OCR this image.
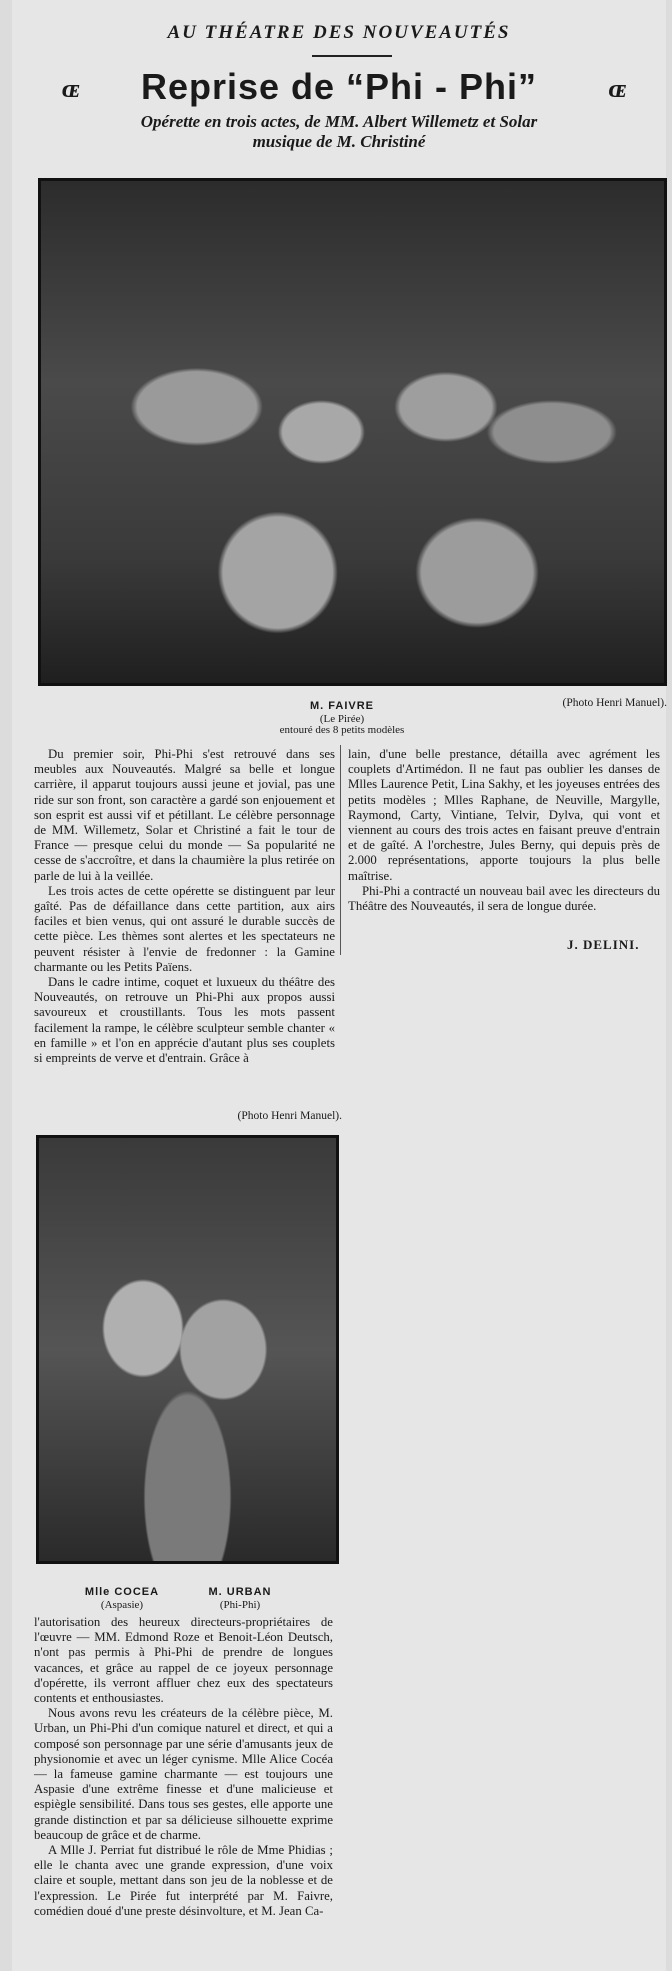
AU THÉATRE DES NOUVEAUTÉS
ɶ	Reprise de “Phi - Phi”	ɶ
Opérette en trois actes, de MM. Albert Willemetz et Solar
musique de M. Christiné
M. FAIVRE
(Le Pirée)
entouré des 8 petits modèles
(Photo Henri Manuel).

Du premier soir, Phi-Phi s'est retrouvé dans ses meubles aux Nouveautés. Malgré sa belle et longue carrière, il apparut toujours aussi jeune et jovial, pas une ride sur son front, son caractère a gardé son enjouement et son esprit est aussi vif et pétillant. Le célèbre personnage de MM. Willemetz, Solar et Christiné a fait le tour de France — presque celui du monde — Sa popularité ne cesse de s'accroître, et dans la chaumière la plus retirée on parle de lui à la veillée.

Les trois actes de cette opérette se distinguent par leur gaîté. Pas de défaillance dans cette partition, aux airs faciles et bien venus, qui ont assuré le durable succès de cette pièce. Les thèmes sont alertes et les spectateurs ne peuvent résister à l'envie de fredonner : la Gamine charmante ou les Petits Païens.

Dans le cadre intime, coquet et luxueux du théâtre des Nouveautés, on retrouve un Phi-Phi aux propos aussi savoureux et croustillants. Tous les mots passent facilement la rampe, le célèbre sculpteur semble chanter « en famille » et l'on en apprécie d'autant plus ses couplets si empreints de verve et d'entrain. Grâce à

(Photo Henri Manuel).

lain, d'une belle prestance, détailla avec agrément les couplets d'Artimédon. Il ne faut pas oublier les danses de Mlles Laurence Petit, Lina Sakhy, et les joyeuses entrées des petits modèles ; Mlles Raphane, de Neuville, Margylle, Raymond, Carty, Vintiane, Telvir, Dylva, qui vont et viennent au cours des trois actes en faisant preuve d'entrain et de gaîté. A l'orchestre, Jules Berny, qui depuis près de 2.000 représentations, apporte toujours la plus belle maîtrise.

Phi-Phi a contracté un nouveau bail avec les directeurs du Théâtre des Nouveautés, il sera de longue durée.

J. DELINI.
Mlle COCEA
(Aspasie)
M. URBAN
(Phi-Phi)

l'autorisation des heureux directeurs-propriétaires de l'œuvre — MM. Edmond Roze et Benoit-Léon Deutsch, n'ont pas permis à Phi-Phi de prendre de longues vacances, et grâce au rappel de ce joyeux personnage d'opérette, ils verront affluer chez eux des spectateurs contents et enthousiastes.

Nous avons revu les créateurs de la célèbre pièce, M. Urban, un Phi-Phi d'un comique naturel et direct, et qui a composé son personnage par une série d'amusants jeux de physionomie et avec un léger cynisme. Mlle Alice Cocéa — la fameuse gamine charmante — est toujours une Aspasie d'une extrême finesse et d'une malicieuse et espiègle sensibilité. Dans tous ses gestes, elle apporte une grande distinction et par sa délicieuse silhouette exprime beaucoup de grâce et de charme.

A Mlle J. Perriat fut distribué le rôle de Mme Phidias ; elle le chanta avec une grande expression, d'une voix claire et souple, mettant dans son jeu de la noblesse et de l'expression. Le Pirée fut interprété par M. Faivre, comédien doué d'une preste désinvolture, et M. Jean Ca-
